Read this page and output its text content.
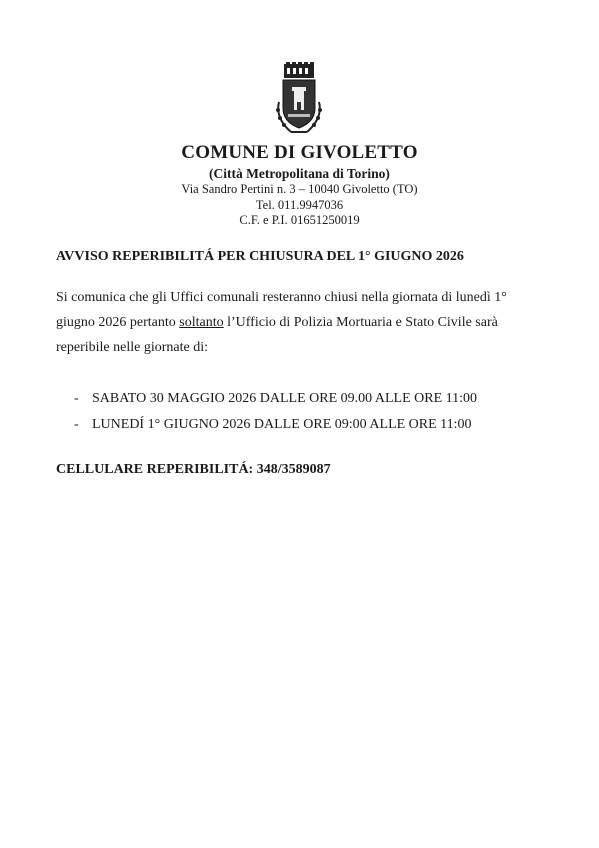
COMUNE DI GIVOLETTO
(Città Metropolitana di Torino)
Via Sandro Pertini n. 3 – 10040 Givoletto (TO)
Tel. 011.9947036
C.F. e P.I. 01651250019
AVVISO REPERIBILITÁ PER CHIUSURA DEL 1° GIUGNO 2026

Si comunica che gli Uffici comunali resteranno chiusi nella giornata di lunedì 1°

giugno 2026 pertanto soltanto l’Ufficio di Polizia Mortuaria e Stato Civile sarà

reperibile nelle giornate di:

- SABATO 30 MAGGIO 2026 DALLE ORE 09.00 ALLE ORE 11:00
- LUNEDÍ 1° GIUGNO 2026 DALLE ORE 09:00 ALLE ORE 11:00
CELLULARE REPERIBILITÁ: 348/3589087
